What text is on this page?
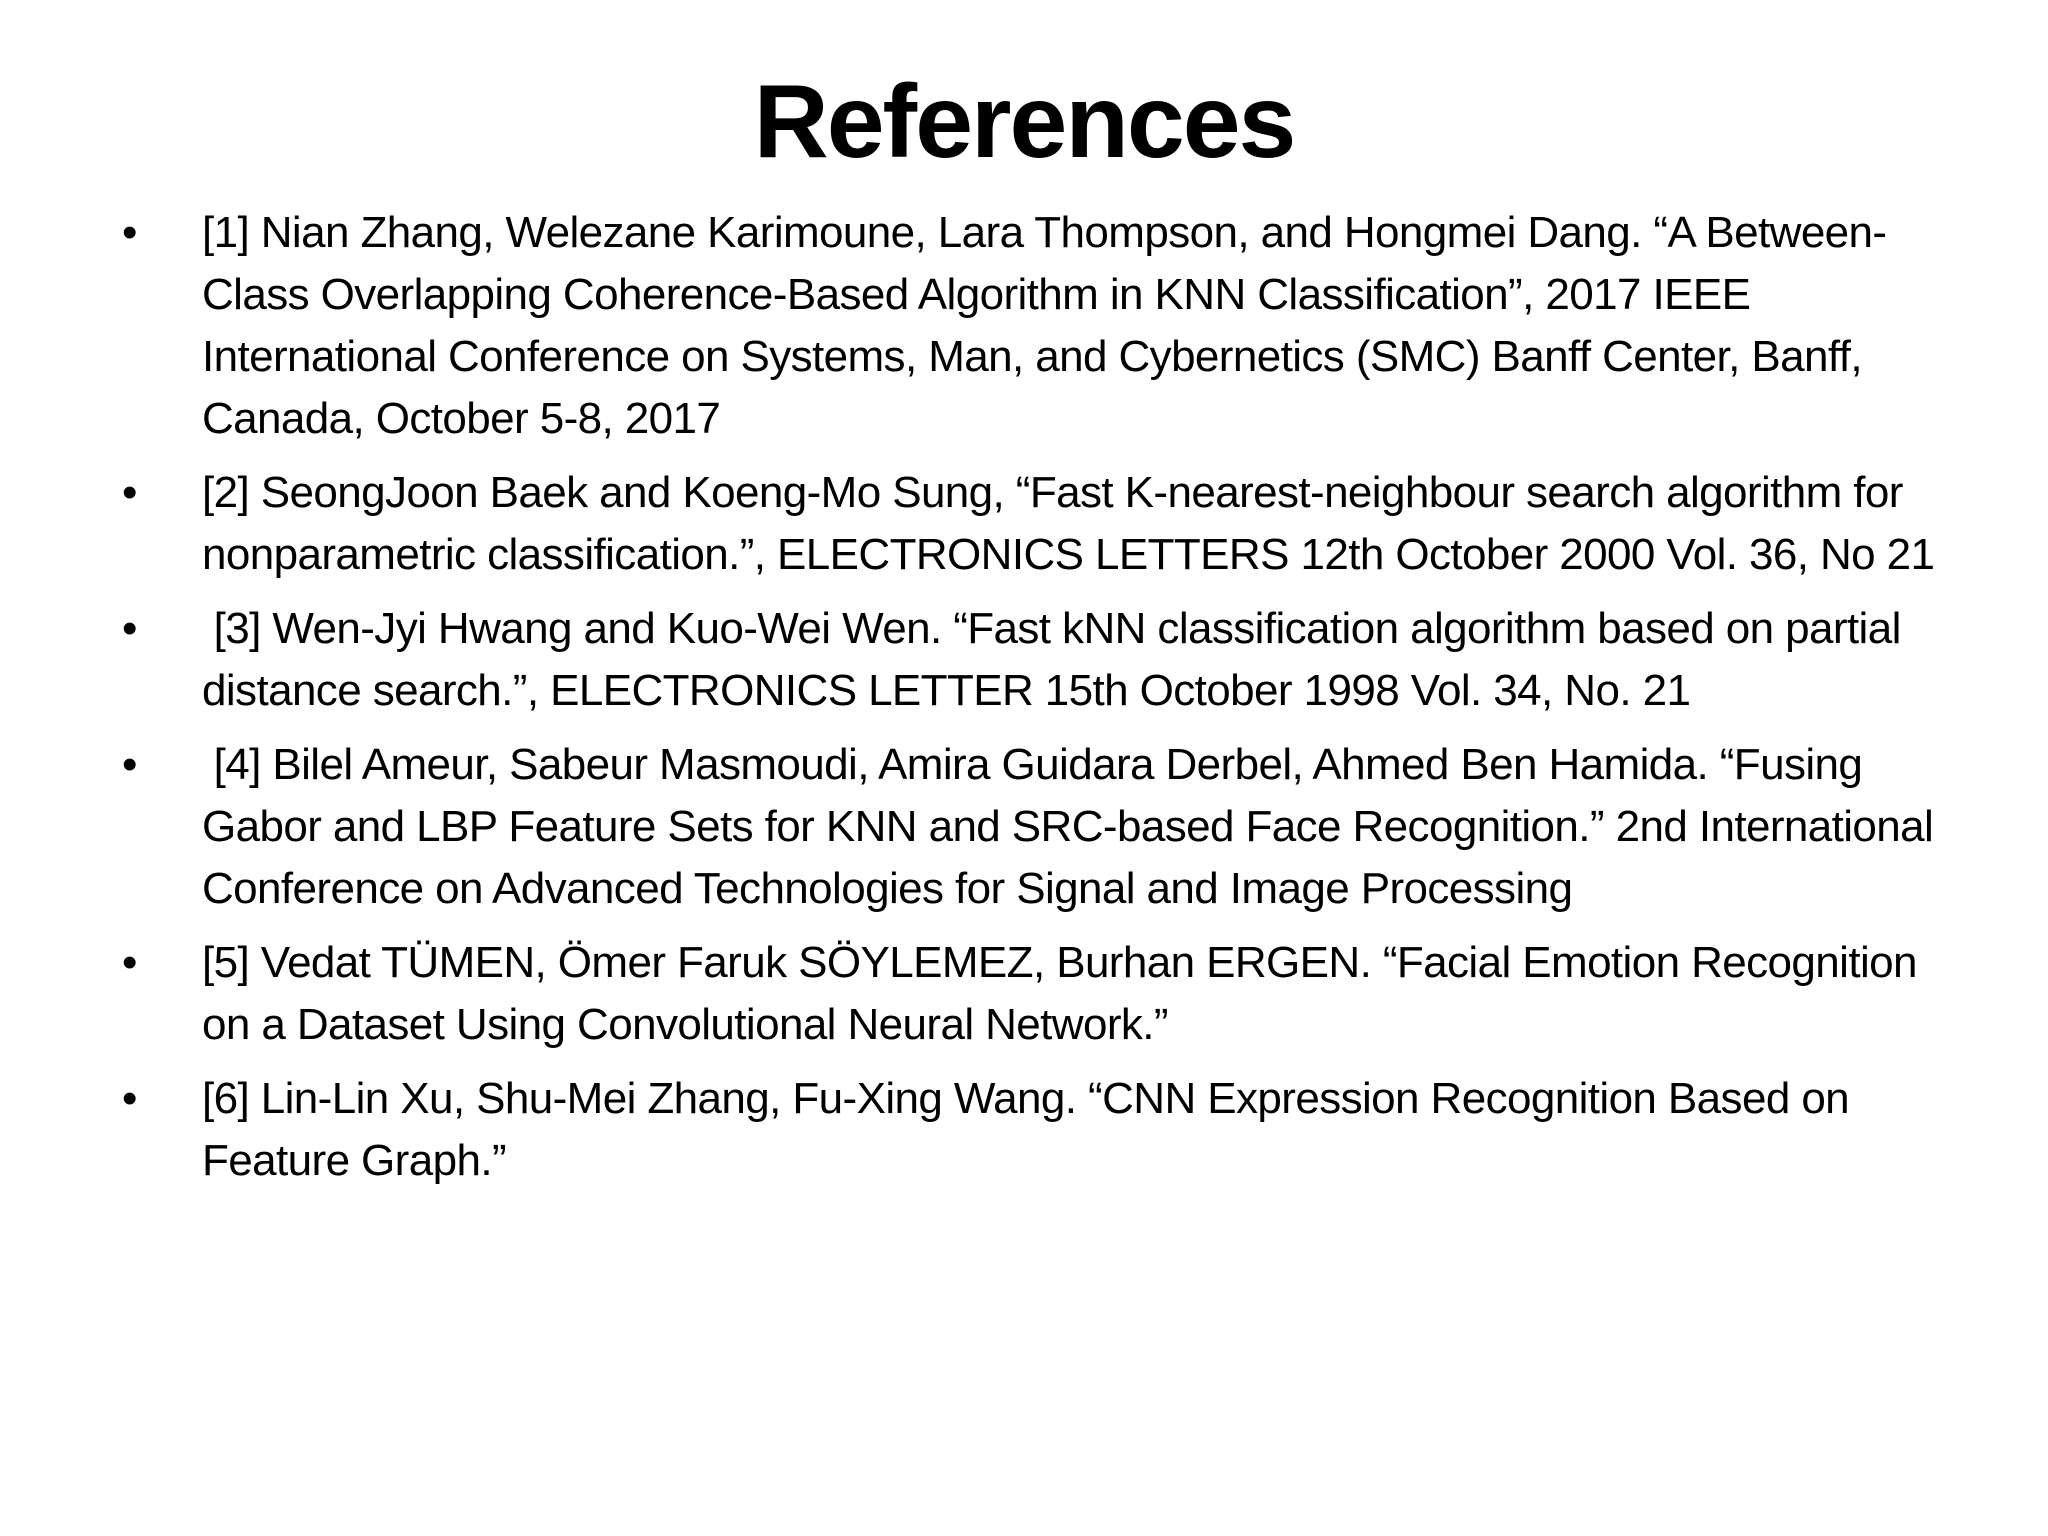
References
•	[1] Nian Zhang, Welezane Karimoune, Lara Thompson, and Hongmei Dang. “A Between-Class Overlapping Coherence-Based Algorithm in KNN Classification”, 2017 IEEE International Conference on Systems, Man, and Cybernetics (SMC) Banff Center, Banff, Canada, October 5-8, 2017
•	[2] SeongJoon Baek and Koeng-Mo Sung, “Fast K-nearest-neighbour search algorithm for nonparametric classification.”, ELECTRONICS LETTERS 12th October 2000 Vol. 36, No 21
•	[3] Wen-Jyi Hwang and Kuo-Wei Wen. “Fast kNN classification algorithm based on partial distance search.”, ELECTRONICS LETTER 15th October 1998 Vol. 34, No. 21
•	[4] Bilel Ameur, Sabeur Masmoudi, Amira Guidara Derbel, Ahmed Ben Hamida. “Fusing Gabor and LBP Feature Sets for KNN and SRC-based Face Recognition.” 2nd International Conference on Advanced Technologies for Signal and Image Processing
•	[5] Vedat TÜMEN, Ömer Faruk SÖYLEMEZ, Burhan ERGEN. “Facial Emotion Recognition on a Dataset Using Convolutional Neural Network.”
•	[6] Lin-Lin Xu, Shu-Mei Zhang, Fu-Xing Wang. “CNN Expression Recognition Based on Feature Graph.”
